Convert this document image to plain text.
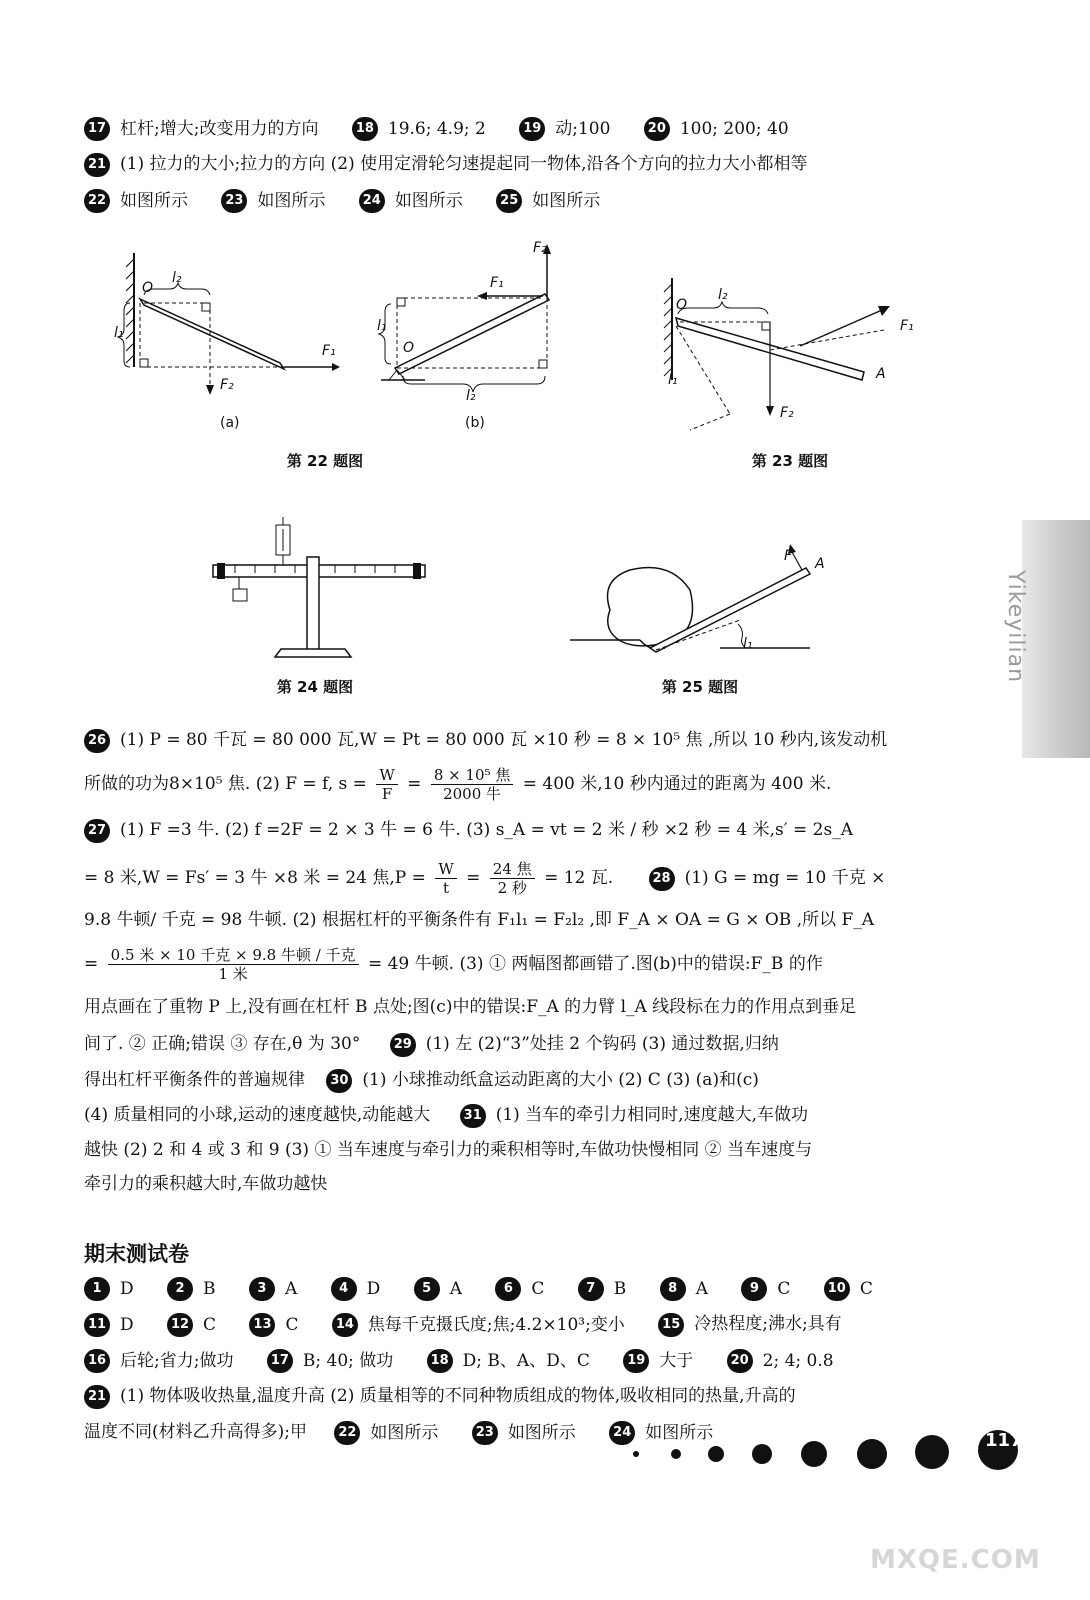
17 杠杆;增大;改变用力的方向	18 19.6; 4.9; 2	19 动;100	20 100; 200; 40
21 (1) 拉力的大小;拉力的方向 (2) 使用定滑轮匀速提起同一物体,沿各个方向的拉力大小都相等
22 如图所示	23 如图所示	24 如图所示	25 如图所示
O
l₂
l₁
F₁
F₂
(a)
F₂
F₁
l₁
O
l₂
(b)
第 22 题图
O
l₂
F₁
A
l₁
F₂
第 23 题图
第 24 题图
F A
l₁
第 25 题图
Yikeyilian
26 (1) P = 80 千瓦 = 80 000 瓦,W = Pt = 80 000 瓦 ×10 秒 = 8 × 10⁵ 焦 ,所以 10 秒内,该发动机
所做的功为8×10⁵ 焦. (2) F = f, $s = \frac{W}{F} = \frac{\text{8 × 10⁵ 焦}}{\text{2000 牛}} = 400$ 米,10 秒内通过的距离为 400 米.
27 (1) F =3 牛. (2) f =2F = 2 × 3 牛 = 6 牛. (3) s_A = vt = 2 米 / 秒 ×2 秒 = 4 米,s′ = 2s_A
= 8 米,W = Fs′ = 3 牛 ×8 米 = 24 焦$,P = \frac{W}{t} = \frac{\text{24 焦}}{\text{2 秒}} = 12$ 瓦.	28 (1) G = mg = 10 千克 ×
9.8 牛顿/ 千克 = 98 牛顿. (2) 根据杠杆的平衡条件有 F₁l₁ = F₂l₂ ,即 F_A × OA = G × OB ,所以 F_A
= $\frac{\text{0.5 米 × 10 千克 × 9.8 牛顿 / 千克}}{\text{1 米}} = 49$ 牛顿. (3) ① 两幅图都画错了.图(b)中的错误:F_B 的作
用点画在了重物 P 上,没有画在杠杆 B 点处;图(c)中的错误:F_A 的力臂 l_A 线段标在力的作用点到垂足
间了. ② 正确;错误 ③ 存在,θ 为 30°	29 (1) 左 (2)“3”处挂 2 个钩码 (3) 通过数据,归纳
得出杠杆平衡条件的普遍规律 30 (1) 小球推动纸盒运动距离的大小 (2) C (3) (a)和(c)
(4) 质量相同的小球,运动的速度越快,动能越大	31 (1) 当车的牵引力相同时,速度越大,车做功
越快 (2) 2 和 4 或 3 和 9 (3) ① 当车速度与牵引力的乘积相等时,车做功快慢相同 ② 当车速度与
牵引力的乘积越大时,车做功越快
期末测试卷
1 D	2 B	3 A	4 D	5 A	6 C	7 B	8 A	9 C	10 C
11 D	12 C	13 C	14 焦每千克摄氏度;焦;4.2×10³;变小	15 冷热程度;沸水;具有
16 后轮;省力;做功	17 B; 40; 做功	18 D; B、A、D、C	19 大于	20 2; 4; 0.8
21 (1) 物体吸收热量,温度升高 (2) 质量相等的不同种物质组成的物体,吸收相同的热量,升高的
温度不同(材料乙升高得多);甲 22 如图所示	23 如图所示	24 如图所示	117
MXQE.COM
